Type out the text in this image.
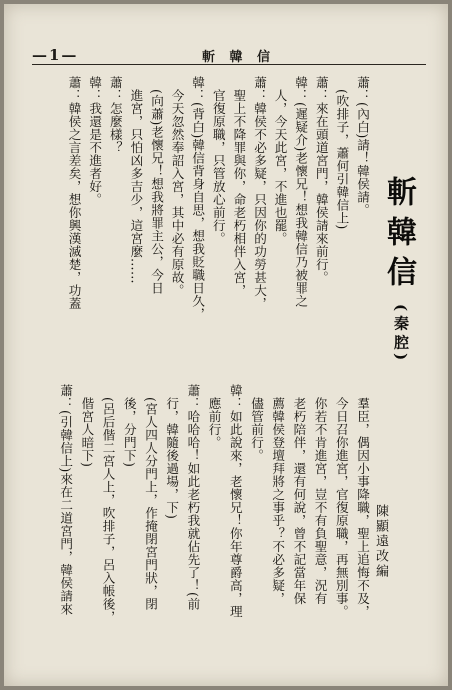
—1—	斬 韓 信
斬韓信
(秦腔)
陳顯遠改編
蕭：(內白)請！韓侯請。
　(吹排子，蕭何引韓信上)
蕭：來在頭道宮門，韓侯請來前行。
韓：(遲疑介)老懷兄！想我韓信乃被罪之
　人，今天此宮，不進也罷。
蕭：韓侯不必多疑，只因你的功勞甚大，
　聖上不降罪與你，命老朽相伴入宮，
　官復原職，只管放心前行。
韓：(背白)韓信背身自思，想我貶職日久，
　今天忽然奉詔入宮，其中必有原故。
　(向蕭)老懷兄！想我將罪主公，今日
　進宮，只怕凶多吉少，這宮麼……
蕭：怎麼樣？
韓：我還是不進者好。
蕭：韓侯之言差矣，想你興漢滅楚，功蓋
　羣臣，偶因小事降職，聖上追悔不及，
　今日召你進宮，官復原職，再無別事。
　你若不肯進宮，豈不有負聖意，況有
　老朽陪伴，還有何說，曾不記當年保
　薦韓侯登壇拜將之事乎？不必多疑，
　儘管前行。
韓：如此說來，老懷兄！你年尊爵高，理
　應前行。
蕭：哈哈哈！如此老朽我就佔先了！(前
　行，韓隨後過場，下)
　(宮人四人分門上，作掩閉宮門狀，閉
　後，分門下)
　(呂后偕二宮人上，吹排子，呂入帳後，
　偕宮人暗下)
蕭：(引韓信上)來在二道宮門，韓侯請來
